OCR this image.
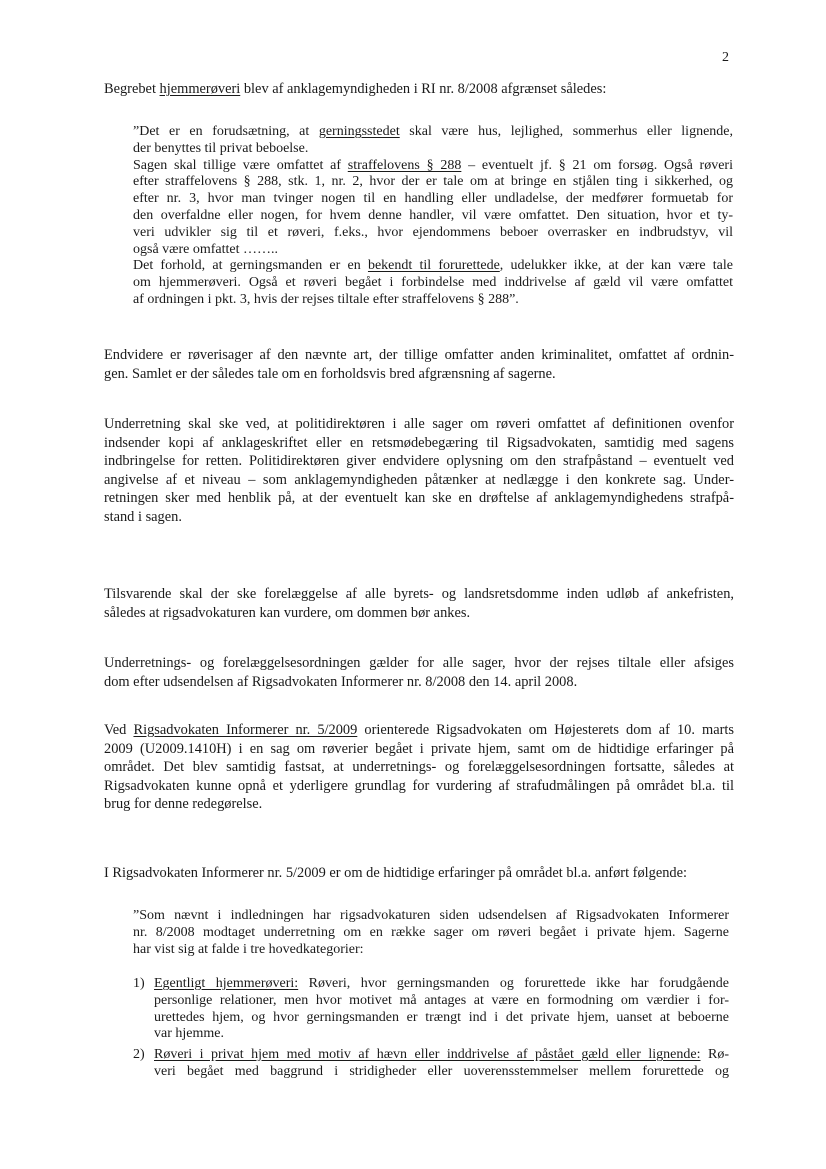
2
Begrebet hjemmerøveri blev af anklagemyndigheden i RI nr. 8/2008 afgrænset således:
”Det er en forudsætning, at gerningsstedet skal være hus, lejlighed, sommerhus eller lignende,
der benyttes til privat beboelse.
Sagen skal tillige være omfattet af straffelovens § 288 – eventuelt jf. § 21 om forsøg. Også røveri
efter straffelovens § 288, stk. 1, nr. 2, hvor der er tale om at bringe en stjålen ting i sikkerhed, og
efter nr. 3, hvor man tvinger nogen til en handling eller undladelse, der medfører formuetab for
den overfaldne eller nogen, for hvem denne handler, vil være omfattet. Den situation, hvor et ty-
veri udvikler sig til et røveri, f.eks., hvor ejendommens beboer overrasker en indbrudstyv, vil
også være omfattet ……..
Det forhold, at gerningsmanden er en bekendt til forurettede, udelukker ikke, at der kan være tale
om hjemmerøveri. Også et røveri begået i forbindelse med inddrivelse af gæld vil være omfattet
af ordningen i pkt. 3, hvis der rejses tiltale efter straffelovens § 288”.
Endvidere er røverisager af den nævnte art, der tillige omfatter anden kriminalitet, omfattet af ordnin-
gen. Samlet er der således tale om en forholdsvis bred afgrænsning af sagerne.
Underretning skal ske ved, at politidirektøren i alle sager om røveri omfattet af definitionen ovenfor
indsender kopi af anklageskriftet eller en retsmødebegæring til Rigsadvokaten, samtidig med sagens
indbringelse for retten. Politidirektøren giver endvidere oplysning om den strafpåstand – eventuelt ved
angivelse af et niveau – som anklagemyndigheden påtænker at nedlægge i den konkrete sag. Under-
retningen sker med henblik på, at der eventuelt kan ske en drøftelse af anklagemyndighedens strafpå-
stand i sagen.
Tilsvarende skal der ske forelæggelse af alle byrets- og landsretsdomme inden udløb af ankefristen,
således at rigsadvokaturen kan vurdere, om dommen bør ankes.
Underretnings- og forelæggelsesordningen gælder for alle sager, hvor der rejses tiltale eller afsiges
dom efter udsendelsen af Rigsadvokaten Informerer nr. 8/2008 den 14. april 2008.
Ved Rigsadvokaten Informerer nr. 5/2009 orienterede Rigsadvokaten om Højesterets dom af 10. marts
2009 (U2009.1410H) i en sag om røverier begået i private hjem, samt om de hidtidige erfaringer på
området. Det blev samtidig fastsat, at underretnings- og forelæggelsesordningen fortsatte, således at
Rigsadvokaten kunne opnå et yderligere grundlag for vurdering af strafudmålingen på området bl.a. til
brug for denne redegørelse.
I Rigsadvokaten Informerer nr. 5/2009 er om de hidtidige erfaringer på området bl.a. anført følgende:
”Som nævnt i indledningen har rigsadvokaturen siden udsendelsen af Rigsadvokaten Informerer
nr. 8/2008 modtaget underretning om en række sager om røveri begået i private hjem. Sagerne
har vist sig at falde i tre hovedkategorier:
1) Egentligt hjemmerøveri: Røveri, hvor gerningsmanden og forurettede ikke har forudgående
personlige relationer, men hvor motivet må antages at være en formodning om værdier i for-
urettedes hjem, og hvor gerningsmanden er trængt ind i det private hjem, uanset at beboerne
var hjemme.
2) Røveri i privat hjem med motiv af hævn eller inddrivelse af påstået gæld eller lignende: Rø-
veri begået med baggrund i stridigheder eller uoverensstemmelser mellem forurettede og
